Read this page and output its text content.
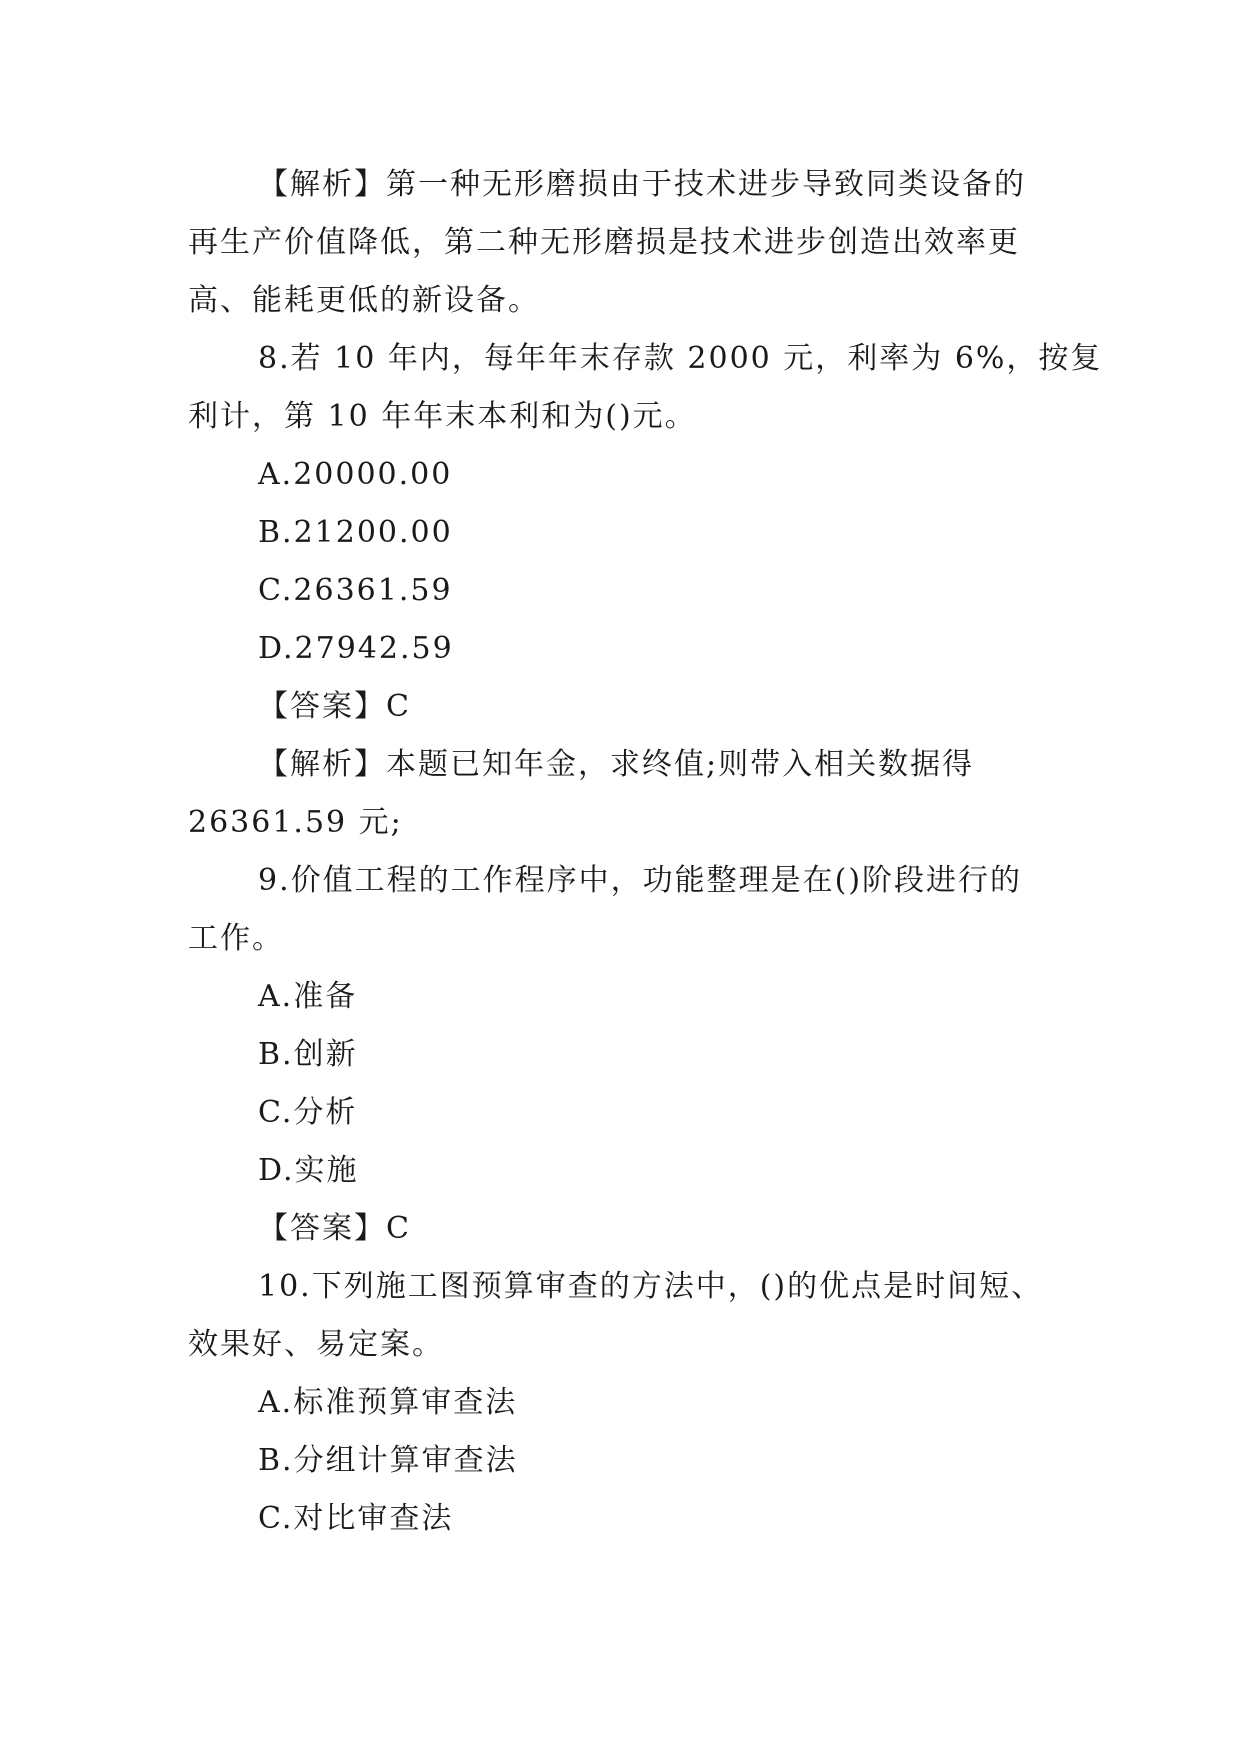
【解析】第一种无形磨损由于技术进步导致同类设备的
再生产价值降低，第二种无形磨损是技术进步创造出效率更
高、能耗更低的新设备。
8.若 10 年内，每年年末存款 2000 元，利率为 6%，按复
利计，第 10 年年末本利和为()元。
A.20000.00
B.21200.00
C.26361.59
D.27942.59
【答案】C
【解析】本题已知年金，求终值;则带入相关数据得
26361.59 元;
9.价值工程的工作程序中，功能整理是在()阶段进行的
工作。
A.准备
B.创新
C.分析
D.实施
【答案】C
10.下列施工图预算审查的方法中，()的优点是时间短、
效果好、易定案。
A.标准预算审查法
B.分组计算审查法
C.对比审查法
